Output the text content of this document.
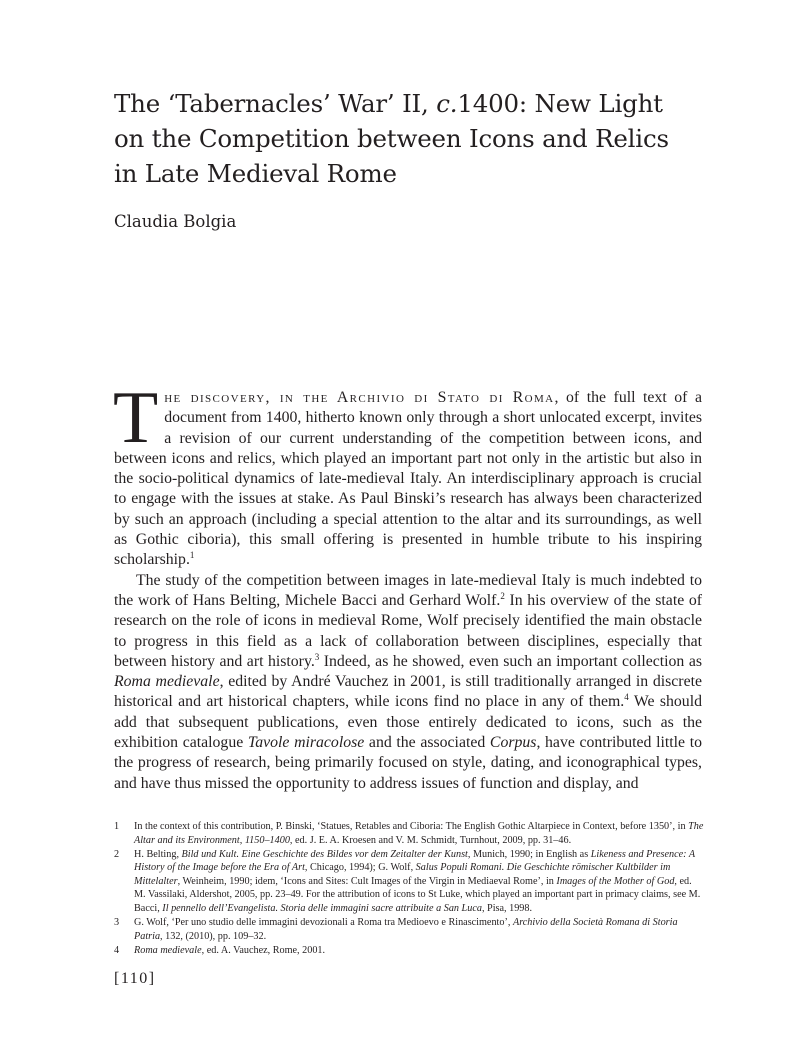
The ‘Tabernacles’ War’ II, c.1400: New Light
on the Competition between Icons and Relics
in Late Medieval Rome

Claudia Bolgia

The discovery, in the Archivio di Stato di Roma, of the full text of a document from 1400, hitherto known only through a short unlocated excerpt, invites a revision of our current understanding of the competition between icons, and between icons and relics, which played an important part not only in the artistic but also in the socio-political dynamics of late-medieval Italy. An interdisciplinary approach is crucial to engage with the issues at stake. As Paul Binski’s research has always been characterized by such an approach (including a special attention to the altar and its surroundings, as well as Gothic ciboria), this small offering is presented in humble tribute to his inspiring scholarship.$^1$

The study of the competition between images in late-medieval Italy is much indebted to the work of Hans Belting, Michele Bacci and Gerhard Wolf.$^2$ In his overview of the state of research on the role of icons in medieval Rome, Wolf precisely identified the main obstacle to progress in this field as a lack of collaboration between disciplines, especially that between history and art history.$^3$ Indeed, as he showed, even such an important collection as Roma medievale, edited by André Vauchez in 2001, is still traditionally arranged in discrete historical and art historical chapters, while icons find no place in any of them.$^4$ We should add that subsequent publications, even those entirely dedicated to icons, such as the exhibition catalogue Tavole miracolose and the associated Corpus, have contributed little to the progress of research, being primarily focused on style, dating, and iconographical types, and have thus missed the opportunity to address issues of function and display, and

1 In the context of this contribution, P. Binski, ‘Statues, Retables and Ciboria: The English Gothic Altarpiece in Context, before 1350’, in The Altar and its Environment, 1150–1400, ed. J. E. A. Kroesen and V. M. Schmidt, Turnhout, 2009, pp. 31–46.
2 H. Belting, Bild und Kult. Eine Geschichte des Bildes vor dem Zeitalter der Kunst, Munich, 1990; in English as Likeness and Presence: A History of the Image before the Era of Art, Chicago, 1994); G. Wolf, Salus Populi Romani. Die Geschichte römischer Kultbilder im Mittelalter, Weinheim, 1990; idem, ‘Icons and Sites: Cult Images of the Virgin in Mediaeval Rome’, in Images of the Mother of God, ed. M. Vassilaki, Aldershot, 2005, pp. 23–49. For the attribution of icons to St Luke, which played an important part in primacy claims, see M. Bacci, Il pennello dell’Evangelista. Storia delle immagini sacre attribuite a San Luca, Pisa, 1998.
3 G. Wolf, ‘Per uno studio delle immagini devozionali a Roma tra Medioevo e Rinascimento’, Archivio della Società Romana di Storia Patria, 132, (2010), pp. 109–32.
4 Roma medievale, ed. A. Vauchez, Rome, 2001.

[110]
